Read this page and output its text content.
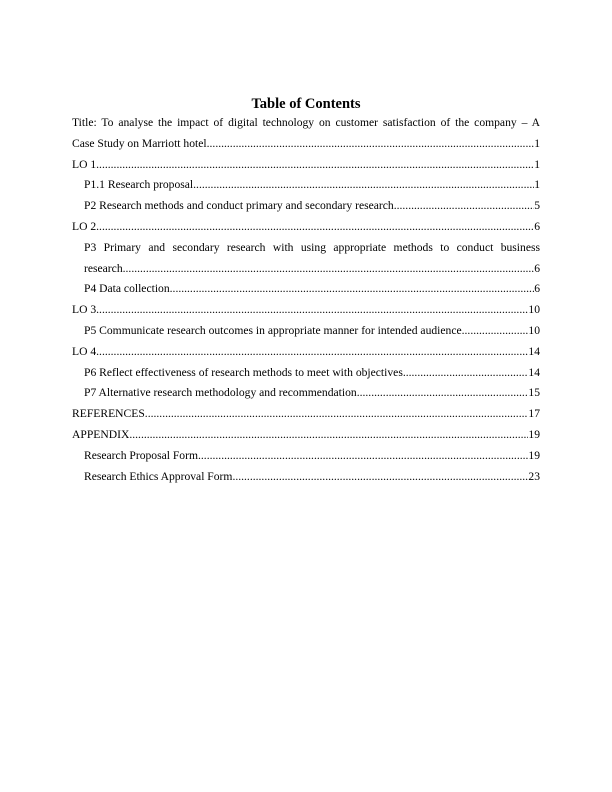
Table of Contents
Title: To analyse the impact of digital technology on customer satisfaction of the company – A
Case Study on Marriott hotel. .....	1
LO 1 .....	1
P1.1 Research proposal .....	1
P2 Research methods and conduct primary and secondary research .....	5
LO 2 .....	6
P3 Primary and secondary research with using appropriate methods to conduct business
research .....	6
P4 Data collection .....	6
LO 3 .....	10
P5 Communicate research outcomes in appropriate manner for intended audience .....	10
LO 4 .....	14
P6 Reflect effectiveness of research methods to meet with objectives .....	14
P7 Alternative research methodology and recommendation .....	15
REFERENCES .....	17
APPENDIX .....	19
Research Proposal Form .....	19
Research Ethics Approval Form .....	23
